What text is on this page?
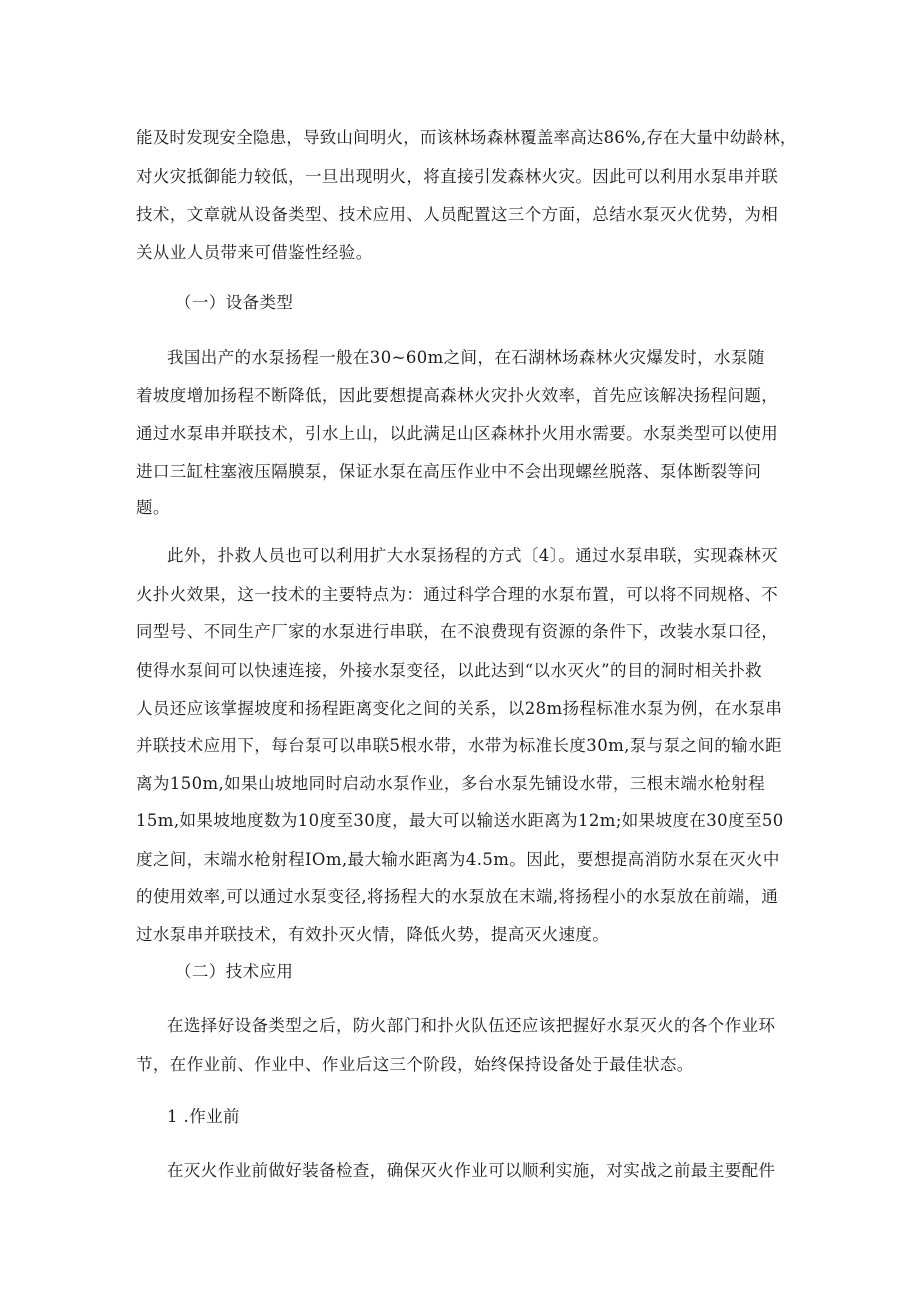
能及时发现安全隐患，导致山间明火，而该林场森林覆盖率高达86%,存在大量中幼龄林，
对火灾抵御能力较低，一旦出现明火，将直接引发森林火灾。因此可以利用水泵串并联
技术，文章就从设备类型、技术应用、人员配置这三个方面，总结水泵灭火优势，为相
关从业人员带来可借鉴性经验。
（一）设备类型
我国出产的水泵扬程一般在30~60m之间，在石湖林场森林火灾爆发时，水泵随
着坡度增加扬程不断降低，因此要想提高森林火灾扑火效率，首先应该解决扬程问题，
通过水泵串并联技术，引水上山，以此满足山区森林扑火用水需要。水泵类型可以使用
进口三缸柱塞液压隔膜泵，保证水泵在高压作业中不会出现螺丝脱落、泵体断裂等问
题。
此外，扑救人员也可以利用扩大水泵扬程的方式〔4〕。通过水泵串联，实现森林灭
火扑火效果，这一技术的主要特点为：通过科学合理的水泵布置，可以将不同规格、不
同型号、不同生产厂家的水泵进行串联，在不浪费现有资源的条件下，改装水泵口径，
使得水泵间可以快速连接，外接水泵变径，以此达到“以水灭火”的目的洞时相关扑救
人员还应该掌握坡度和扬程距离变化之间的关系，以28m扬程标准水泵为例，在水泵串
并联技术应用下，每台泵可以串联5根水带，水带为标准长度30m,泵与泵之间的输水距
离为150m,如果山坡地同时启动水泵作业，多台水泵先铺设水带，三根末端水枪射程
15m,如果坡地度数为10度至30度，最大可以输送水距离为12m;如果坡度在30度至50
度之间，末端水枪射程IOm,最大输水距离为4.5m。因此，要想提高消防水泵在灭火中
的使用效率,可以通过水泵变径,将扬程大的水泵放在末端,将扬程小的水泵放在前端，通
过水泵串并联技术，有效扑灭火情，降低火势，提高灭火速度。
（二）技术应用
在选择好设备类型之后，防火部门和扑火队伍还应该把握好水泵灭火的各个作业环
节，在作业前、作业中、作业后这三个阶段，始终保持设备处于最佳状态。
1 .作业前
在灭火作业前做好装备检查，确保灭火作业可以顺利实施，对实战之前最主要配件
